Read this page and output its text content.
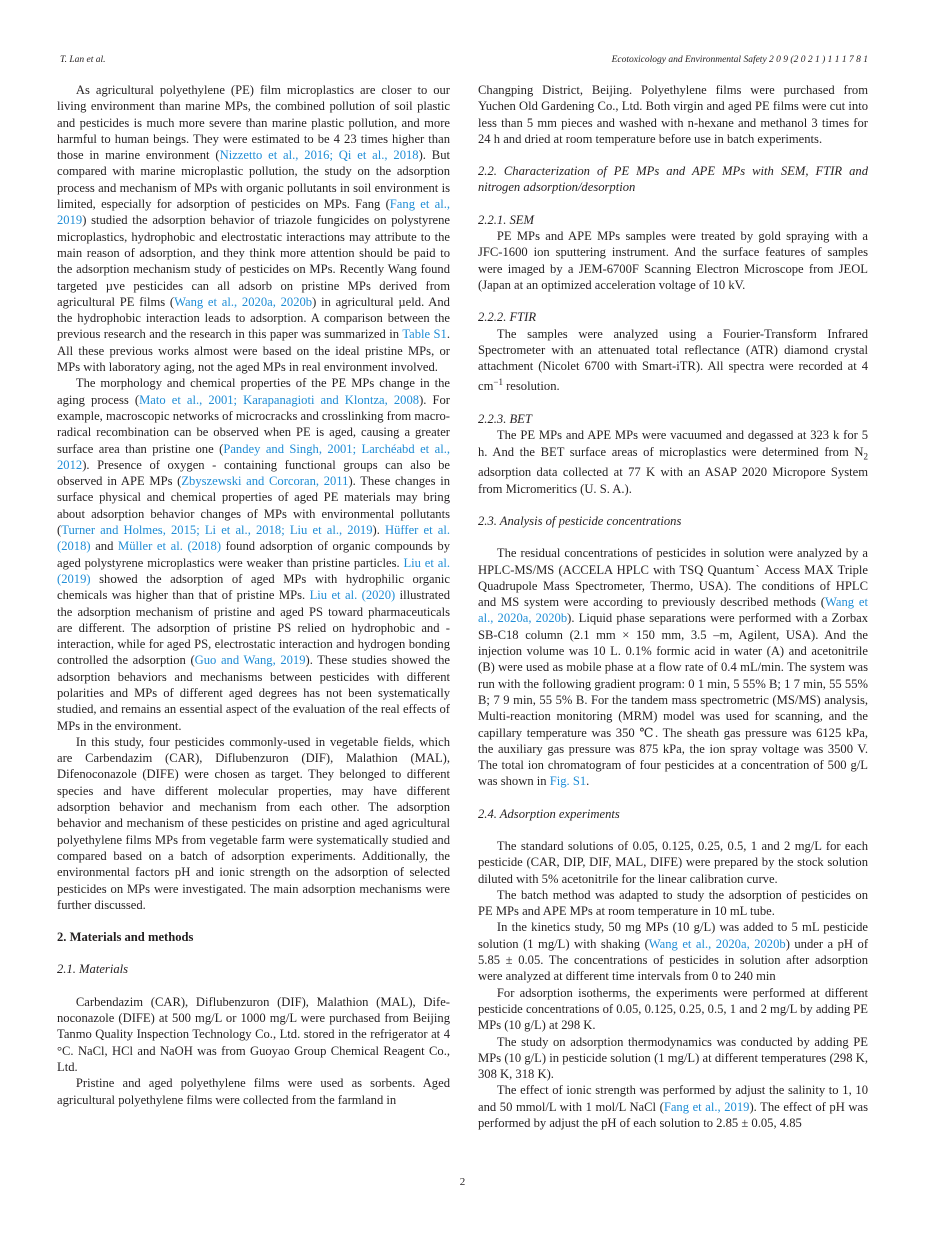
T. Lan et al.	Ecotoxicology and Environmental Safety 2 0 9 (2 0 2 1 ) 1 1 1 7 8 1

As agricultural polyethylene (PE) film microplastics are closer to our living environment than marine MPs, the combined pollution of soil plastic and pesticides is much more severe than marine plastic pollution, and more harmful to human beings. They were estimated to be 4 23 times higher than those in marine environment (Nizzetto et al., 2016; Qi et al., 2018). But compared with marine microplastic pollution, the study on the adsorption process and mechanism of MPs with organic pollutants in soil environment is limited, especially for adsorption of pesticides on MPs. Fang (Fang et al., 2019) studied the adsorption behavior of triazole fungicides on polystyrene microplastics, hydrophobic and electrostatic interactions may attribute to the main reason of adsorption, and they think more attention should be paid to the adsorption mechanism study of pesticides on MPs. Recently Wang found targeted µve pesticides can all adsorb on pristine MPs derived from agricultural PE films (Wang et al., 2020a, 2020b) in agricultural µeld. And the hydrophobic interaction leads to adsorption. A comparison between the previous research and the research in this paper was summarized in Table S1. All these previous works almost were based on the ideal pristine MPs, or MPs with laboratory aging, not the aged MPs in real environment involved.

The morphology and chemical properties of the PE MPs change in the aging process (Mato et al., 2001; Karapanagioti and Klontza, 2008). For example, macroscopic networks of microcracks and crosslinking from macro-radical recombination can be observed when PE is aged, causing a greater surface area than pristine one (Pandey and Singh, 2001; Larchéabd et al., 2012). Presence of oxygen - containing functional groups can also be observed in APE MPs (Zbyszewski and Corcoran, 2011). These changes in surface physical and chemical properties of aged PE materials may bring about adsorption behavior changes of MPs with environmental pollutants (Turner and Holmes, 2015; Li et al., 2018; Liu et al., 2019). Hüffer et al. (2018) and Müller et al. (2018) found adsorption of organic compounds by aged polystyrene microplastics were weaker than pristine particles. Liu et al. (2019) showed the adsorption of aged MPs with hydrophilic organic chemicals was higher than that of pristine MPs. Liu et al. (2020) illustrated the adsorption mechanism of pristine and aged PS toward pharmaceuticals are different. The adsorption of pristine PS relied on hydrophobic and - interaction, while for aged PS, electrostatic interaction and hydrogen bonding controlled the adsorption (Guo and Wang, 2019). These studies showed the adsorption behaviors and mechanisms between pesticides with different polarities and MPs of different aged degrees has not been systematically studied, and remains an essential aspect of the evaluation of the real effects of MPs in the environment.

In this study, four pesticides commonly-used in vegetable fields, which are Carbendazim (CAR), Diflubenzuron (DIF), Malathion (MAL), Difenoconazole (DIFE) were chosen as target. They belonged to different species and have different molecular properties, may have different adsorption behavior and mechanism from each other. The adsorption behavior and mechanism of these pesticides on pristine and aged agricultural polyethylene films MPs from vegetable farm were systematically studied and compared based on a batch of adsorption experiments. Additionally, the environmental factors pH and ionic strength on the adsorption of selected pesticides on MPs were investigated. The main adsorption mechanisms were further discussed.

2. Materials and methods
2.1. Materials

Carbendazim (CAR), Diflubenzuron (DIF), Malathion (MAL), Difenoconazole (DIFE) at 500 mg/L or 1000 mg/L were purchased from Beijing Tanmo Quality Inspection Technology Co., Ltd. stored in the refrigerator at 4 °C. NaCl, HCl and NaOH was from Guoyao Group Chemical Reagent Co., Ltd.

Pristine and aged polyethylene films were used as sorbents. Aged agricultural polyethylene films were collected from the farmland in

Changping District, Beijing. Polyethylene films were purchased from Yuchen Old Gardening Co., Ltd. Both virgin and aged PE films were cut into less than 5 mm pieces and washed with n-hexane and methanol 3 times for 24 h and dried at room temperature before use in batch experiments.

2.2. Characterization of PE MPs and APE MPs with SEM, FTIR and nitrogen adsorption/desorption
2.2.1. SEM

PE MPs and APE MPs samples were treated by gold spraying with a JFC-1600 ion sputtering instrument. And the surface features of samples were imaged by a JEM-6700F Scanning Electron Microscope from JEOL (Japan at an optimized acceleration voltage of 10 kV.

2.2.2. FTIR

The samples were analyzed using a Fourier-Transform Infrared Spectrometer with an attenuated total reflectance (ATR) diamond crystal attachment (Nicolet 6700 with Smart-iTR). All spectra were recorded at 4 $cm^{-1}$ resolution.

2.2.3. BET

The PE MPs and APE MPs were vacuumed and degassed at 323 k for 5 h. And the BET surface areas of microplastics were determined from $N_2$ adsorption data collected at 77 K with an ASAP 2020 Micropore System from Micromeritics (U. S. A.).

2.3. Analysis of pesticide concentrations

The residual concentrations of pesticides in solution were analyzed by a HPLC-MS/MS (ACCELA HPLC with TSQ Quantumˋ Access MAX Triple Quadrupole Mass Spectrometer, Thermo, USA). The conditions of HPLC and MS system were according to previously described methods (Wang et al., 2020a, 2020b). Liquid phase separations were performed with a Zorbax SB-C18 column (2.1 mm × 150 mm, 3.5 –m, Agilent, USA). And the injection volume was 10 L. 0.1% formic acid in water (A) and acetonitrile (B) were used as mobile phase at a flow rate of 0.4 mL/min. The system was run with the following gradient program: 0 1 min, 5 55% B; 1 7 min, 55 55% B; 7 9 min, 55 5% B. For the tandem mass spectrometric (MS/MS) analysis, Multi-reaction monitoring (MRM) model was used for scanning, and the capillary temperature was 350 ℃. The sheath gas pressure was 6125 kPa, the auxiliary gas pressure was 875 kPa, the ion spray voltage was 3500 V. The total ion chromatogram of four pesticides at a concentration of 500 g/L was shown in Fig. S1.

2.4. Adsorption experiments

The standard solutions of 0.05, 0.125, 0.25, 0.5, 1 and 2 mg/L for each pesticide (CAR, DIP, DIF, MAL, DIFE) were prepared by the stock solution diluted with 5% acetonitrile for the linear calibration curve.

The batch method was adapted to study the adsorption of pesticides on PE MPs and APE MPs at room temperature in 10 mL tube.

In the kinetics study, 50 mg MPs (10 g/L) was added to 5 mL pesticide solution (1 mg/L) with shaking (Wang et al., 2020a, 2020b) under a pH of 5.85 ± 0.05. The concentrations of pesticides in solution after adsorption were analyzed at different time intervals from 0 to 240 min

For adsorption isotherms, the experiments were performed at different pesticide concentrations of 0.05, 0.125, 0.25, 0.5, 1 and 2 mg/L by adding PE MPs (10 g/L) at 298 K.

The study on adsorption thermodynamics was conducted by adding PE MPs (10 g/L) in pesticide solution (1 mg/L) at different temperatures (298 K, 308 K, 318 K).

The effect of ionic strength was performed by adjust the salinity to 1, 10 and 50 mmol/L with 1 mol/L NaCl (Fang et al., 2019). The effect of pH was performed by adjust the pH of each solution to 2.85 ± 0.05, 4.85

2
